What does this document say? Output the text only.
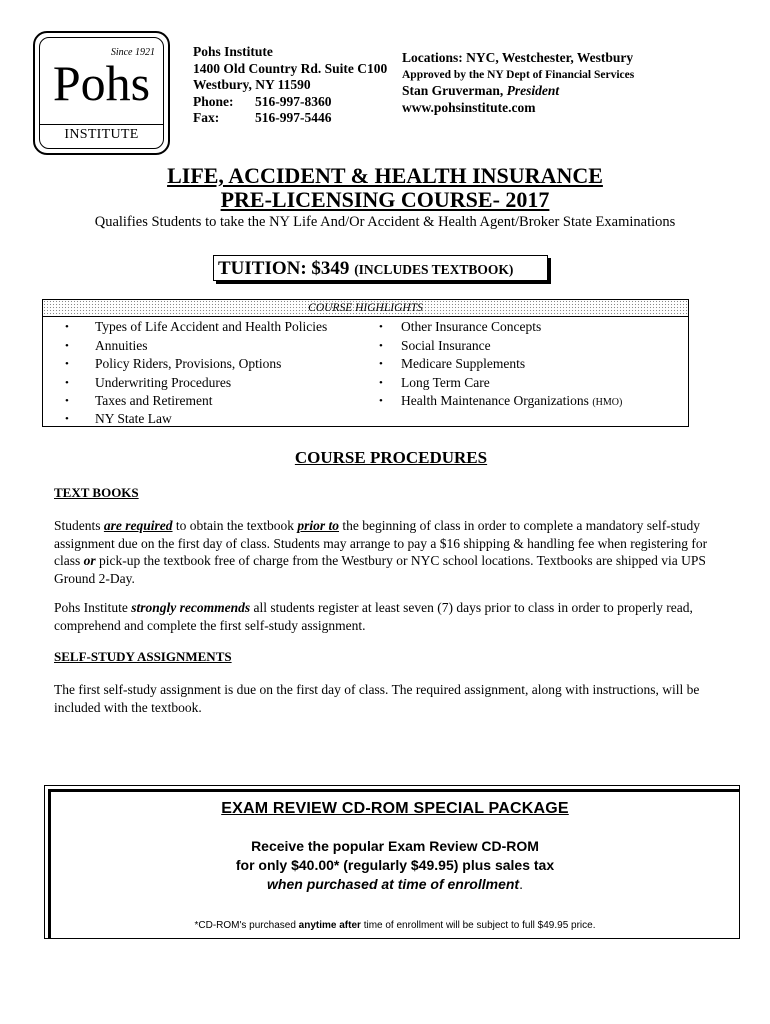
Since 1921
Pohs
INSTITUTE
Pohs Institute
1400 Old Country Rd. Suite C100
Westbury, NY 11590
Phone: 516-997-8360
Fax:	516-997-5446
Locations: NYC, Westchester, Westbury
Approved by the NY Dept of Financial Services
Stan Gruverman, President
www.pohsinstitute.com
LIFE, ACCIDENT & HEALTH INSURANCE
PRE-LICENSING COURSE- 2017
Qualifies Students to take the NY Life And/Or Accident & Health Agent/Broker State Examinations
TUITION: $349 (INCLUDES TEXTBOOK)
COURSE HIGHLIGHTS
• Types of Life Accident and Health Policies
• Annuities
• Policy Riders, Provisions, Options
• Underwriting Procedures
• Taxes and Retirement
• NY State Law
• Other Insurance Concepts
• Social Insurance
• Medicare Supplements
• Long Term Care
• Health Maintenance Organizations (HMO)
COURSE PROCEDURES
TEXT BOOKS
Students are required to obtain the textbook prior to the beginning of class in order to complete a mandatory self-study assignment due on the first day of class. Students may arrange to pay a $16 shipping & handling fee when registering for class or pick-up the textbook free of charge from the Westbury or NYC school locations. Textbooks are shipped via UPS Ground 2-Day.
Pohs Institute strongly recommends all students register at least seven (7) days prior to class in order to properly read, comprehend and complete the first self-study assignment.
SELF-STUDY ASSIGNMENTS
The first self-study assignment is due on the first day of class. The required assignment, along with instructions, will be included with the textbook.
EXAM REVIEW CD-ROM SPECIAL PACKAGE
Receive the popular Exam Review CD-ROM
for only $40.00* (regularly $49.95) plus sales tax
when purchased at time of enrollment.
*CD-ROM's purchased anytime after time of enrollment will be subject to full $49.95 price.
